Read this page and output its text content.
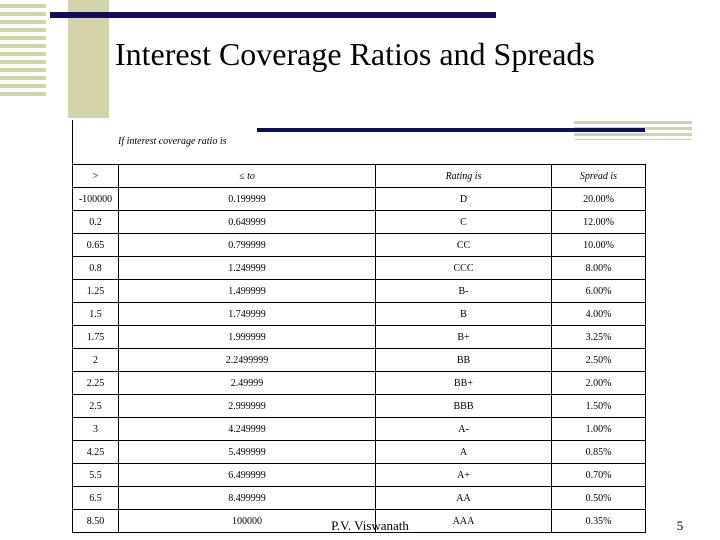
Interest Coverage Ratios and Spreads
If interest coverage ratio is
>	≤ to	Rating is	Spread is
-100000	0.199999	D	20.00%
0.2	0.649999	C	12.00%
0.65	0.799999	CC	10.00%
0.8	1.249999	CCC	8.00%
1.25	1.499999	B-	6.00%
1.5	1.749999	B	4.00%
1.75	1.999999	B+	3.25%
2	2.2499999	BB	2.50%
2.25	2.49999	BB+	2.00%
2.5	2.999999	BBB	1.50%
3	4.249999	A-	1.00%
4.25	5.499999	A	0.85%
5.5	6.499999	A+	0.70%
6.5	8.499999	AA	0.50%
8.50	100000	AAA	0.35%
P.V. Viswanath	5
